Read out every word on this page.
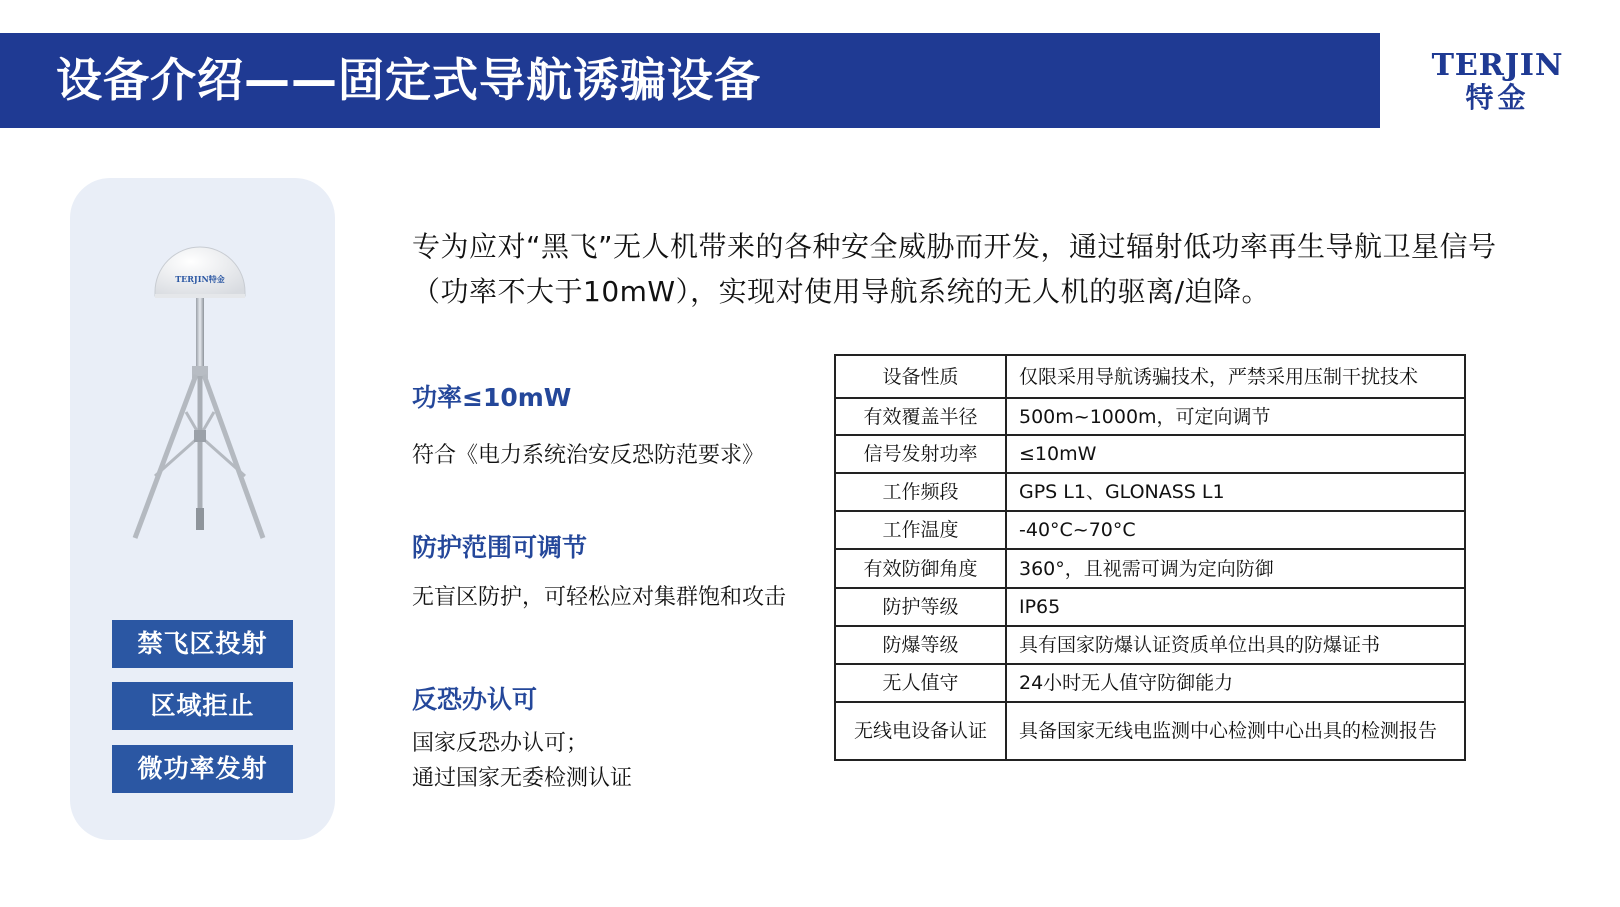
设备介绍——固定式导航诱骗设备	TERJIN
特金
TERJIN特金
禁飞区投射
区域拒止
微功率发射
专为应对“黑飞”无人机带来的各种安全威胁而开发，通过辐射低功率再生导航卫星信号（功率不大于10mW），实现对使用导航系统的无人机的驱离/迫降。
功率≤10mW
符合《电力系统治安反恐防范要求》
防护范围可调节
无盲区防护，可轻松应对集群饱和攻击
反恐办认可
国家反恐办认可；
通过国家无委检测认证
设备性质	仅限采用导航诱骗技术，严禁采用压制干扰技术
有效覆盖半径	500m~1000m，可定向调节
信号发射功率	≤10mW
工作频段	GPS L1、GLONASS L1
工作温度	-40°C~70°C
有效防御角度	360°，且视需可调为定向防御
防护等级	IP65
防爆等级	具有国家防爆认证资质单位出具的防爆证书
无人值守	24小时无人值守防御能力
无线电设备认证	具备国家无线电监测中心检测中心出具的检测报告
